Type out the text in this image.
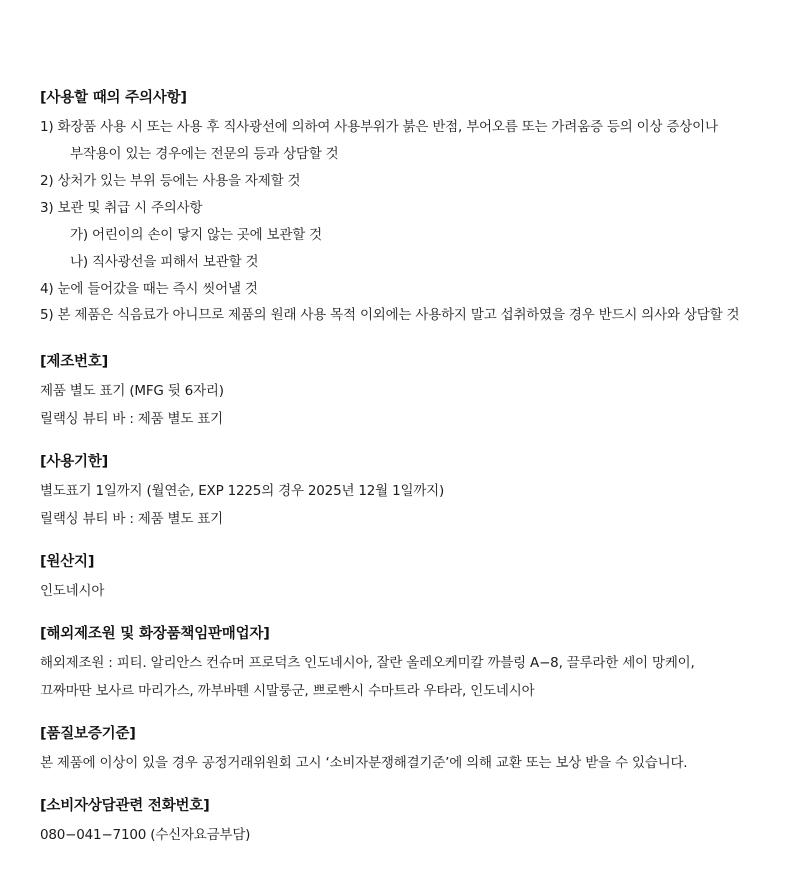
[사용할 때의 주의사항]

1) 화장품 사용 시 또는 사용 후 직사광선에 의하여 사용부위가 붉은 반점, 부어오름 또는 가려움증 등의 이상 증상이나

부작용이 있는 경우에는 전문의 등과 상담할 것

2) 상처가 있는 부위 등에는 사용을 자제할 것

3) 보관 및 취급 시 주의사항

가) 어린이의 손이 닿지 않는 곳에 보관할 것

나) 직사광선을 피해서 보관할 것

4) 눈에 들어갔을 때는 즉시 씻어낼 것

5) 본 제품은 식음료가 아니므로 제품의 원래 사용 목적 이외에는 사용하지 말고 섭취하였을 경우 반드시 의사와 상담할 것

[제조번호]

제품 별도 표기 (MFG 뒷 6자리)

릴랙싱 뷰티 바 : 제품 별도 표기

[사용기한]

별도표기 1일까지 (월연순, EXP 1225의 경우 2025년 12월 1일까지)

릴랙싱 뷰티 바 : 제품 별도 표기

[원산지]

인도네시아

[해외제조원 및 화장품책임판매업자]

해외제조원 : 피티. 알리안스 컨슈머 프로덕츠 인도네시아, 잘란 올레오케미칼 까블링 A−8, 끌루라한 세이 망케이,

끄짜마딴 보사르 마리가스, 까부바뗀 시말룽군, 쁘로빤시 수마트라 우타라, 인도네시아

[품질보증기준]

본 제품에 이상이 있을 경우 공정거래위원회 고시 ‘소비자분쟁해결기준’에 의해 교환 또는 보상 받을 수 있습니다.

[소비자상담관련 전화번호]

080−041−7100 (수신자요금부담)
